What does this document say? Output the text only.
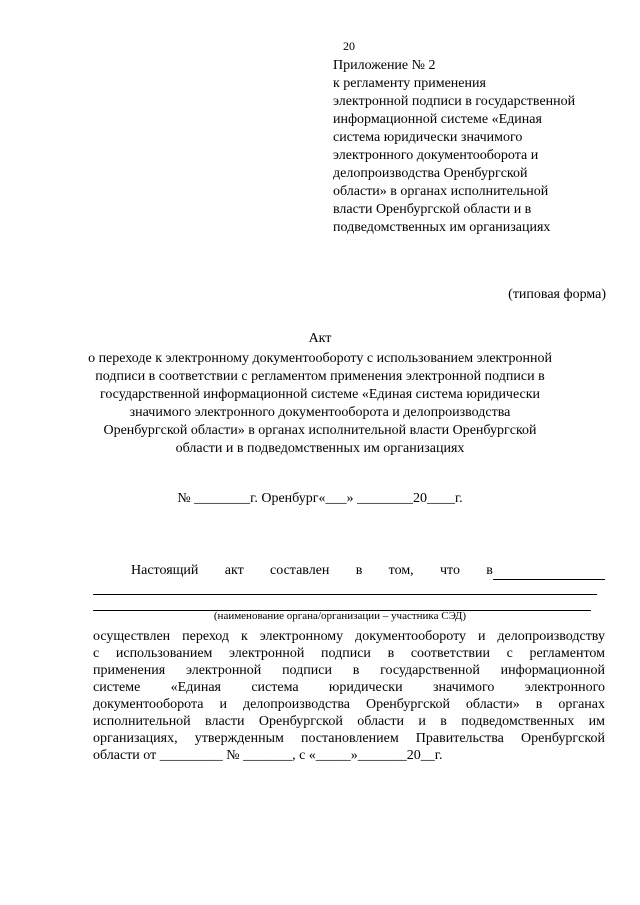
20
Приложение № 2
к регламенту применения
электронной подписи в государственной
информационной системе «Единая
система юридически значимого
электронного документооборота и
делопроизводства Оренбургской
области» в органах исполнительной
власти Оренбургской области и в
подведомственных им организациях
(типовая форма)
Акт
о переходе к электронному документообороту с использованием электронной
подписи в соответствии с регламентом применения электронной подписи в
государственной информационной системе «Единая система юридически
значимого электронного документооборота и делопроизводства
Оренбургской области» в органах исполнительной власти Оренбургской
области и в подведомственных им организациях
№ ________г. Оренбург«___» ________20____г.
Настоящий акт составлен в том, что в
(наименование органа/организации – участника СЭД)
осуществлен переход к электронному документообороту и делопроизводству
с использованием электронной подписи в соответствии с регламентом
применения электронной подписи в государственной информационной
системе «Единая система юридически значимого электронного
документооборота и делопроизводства Оренбургской области» в органах
исполнительной власти Оренбургской области и в подведомственных им
организациях, утвержденным постановлением Правительства Оренбургской
области от _________ № _______, с «_____»_______20__г.
